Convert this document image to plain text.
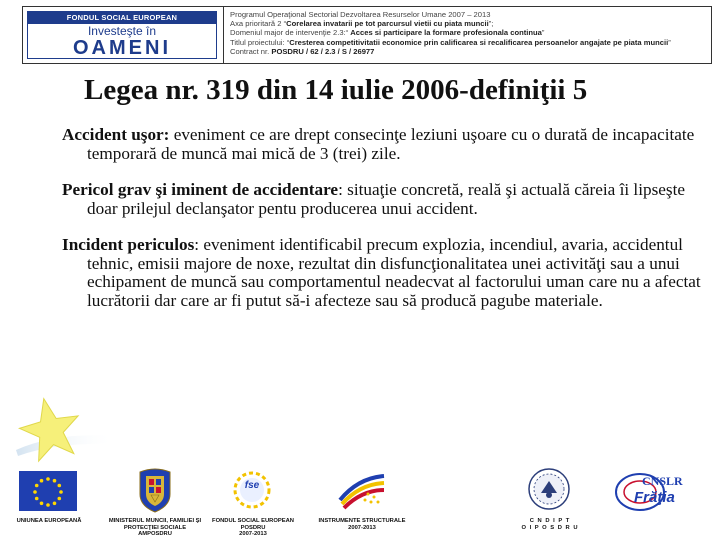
FONDUL SOCIAL EUROPEAN
Investeşte în
OAMENI
Programul Operaţional Sectorial Dezvoltarea Resurselor Umane 2007 – 2013
Axa prioritară 2 “Corelarea invatarii pe tot parcursul vietii cu piata muncii”;
Domeniul major de intervenţie 2.3:“ Acces si participare la formare profesionala continua”
Titlul proiectului: “Cresterea competitivitatii economice prin calificarea si recalificarea persoanelor angajate pe piata muncii”
Contract nr. POSDRU / 62 / 2.3 / S / 26977
Legea nr. 319 din 14 iulie 2006-definiţii 5

Accident uşor: eveniment ce are drept consecinţe leziuni uşoare cu o durată de incapacitate temporară de muncă mai mică de 3 (trei) zile.

Pericol grav şi iminent de accidentare: situaţie concretă, reală şi actuală căreia îi lipseşte doar prilejul declanşator pentu producerea unui accident.

Incident periculos: eveniment identificabil precum explozia, incendiul, avaria, accidentul tehnic, emisii majore de noxe, rezultat din disfuncţionalitatea unei activităţi sau a unui echipament de muncă sau comportamentul neadecvat al factorului uman care nu a afectat lucrătorii dar care ar fi putut să-i afecteze sau să producă pagube materiale.

UNIUNEA EUROPEANĂ	MINISTERUL MUNCII, FAMILIEI ŞI
PROTECŢIEI SOCIALE
AMPOSDRU
fse
FONDUL SOCIAL EUROPEAN
POSDRU
2007-2013
INSTRUMENTE STRUCTURALE
2007-2013
C N D I P T
O I P O S D R U
CNSLR
Frăţia
